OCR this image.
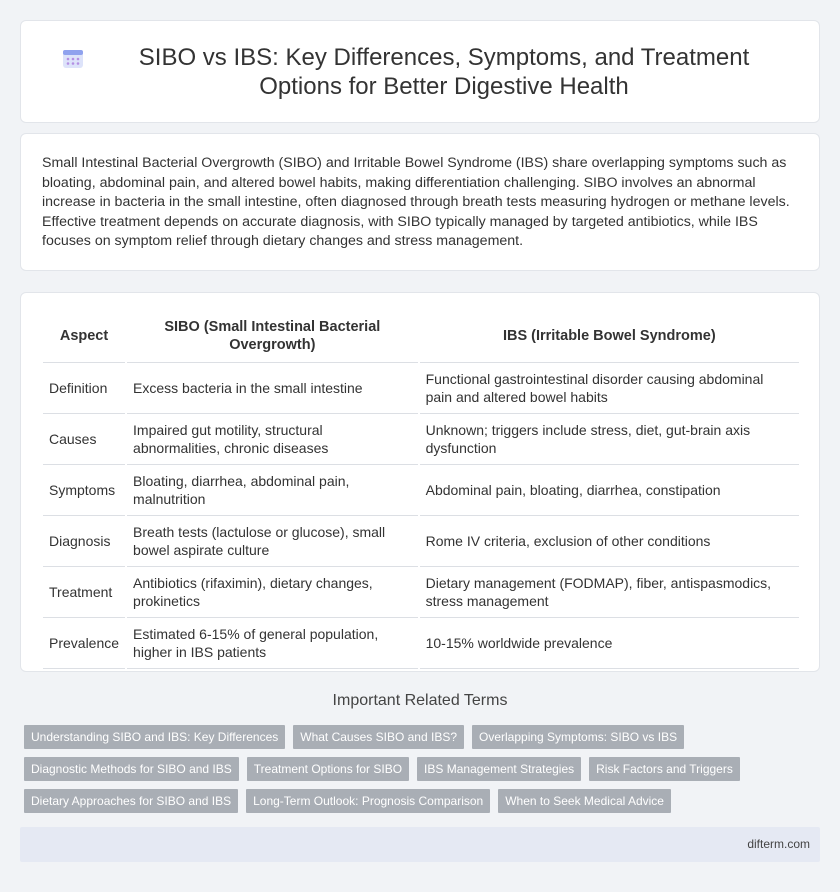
SIBO vs IBS: Key Differences, Symptoms, and Treatment Options for Better Digestive Health

Small Intestinal Bacterial Overgrowth (SIBO) and Irritable Bowel Syndrome (IBS) share overlapping symptoms such as bloating, abdominal pain, and altered bowel habits, making differentiation challenging. SIBO involves an abnormal increase in bacteria in the small intestine, often diagnosed through breath tests measuring hydrogen or methane levels. Effective treatment depends on accurate diagnosis, with SIBO typically managed by targeted antibiotics, while IBS focuses on symptom relief through dietary changes and stress management.

Aspect	SIBO (Small Intestinal Bacterial Overgrowth)	IBS (Irritable Bowel Syndrome)
Definition	Excess bacteria in the small intestine	Functional gastrointestinal disorder causing abdominal pain and altered bowel habits
Causes	Impaired gut motility, structural abnormalities, chronic diseases	Unknown; triggers include stress, diet, gut-brain axis dysfunction
Symptoms	Bloating, diarrhea, abdominal pain, malnutrition	Abdominal pain, bloating, diarrhea, constipation
Diagnosis	Breath tests (lactulose or glucose), small bowel aspirate culture	Rome IV criteria, exclusion of other conditions
Treatment	Antibiotics (rifaximin), dietary changes, prokinetics	Dietary management (FODMAP), fiber, antispasmodics, stress management
Prevalence	Estimated 6-15% of general population, higher in IBS patients	10-15% worldwide prevalence
Important Related Terms
Understanding SIBO and IBS: Key Differences	What Causes SIBO and IBS?	Overlapping Symptoms: SIBO vs IBS
Diagnostic Methods for SIBO and IBS	Treatment Options for SIBO	IBS Management Strategies	Risk Factors and Triggers
Dietary Approaches for SIBO and IBS	Long-Term Outlook: Prognosis Comparison	When to Seek Medical Advice
difterm.com
